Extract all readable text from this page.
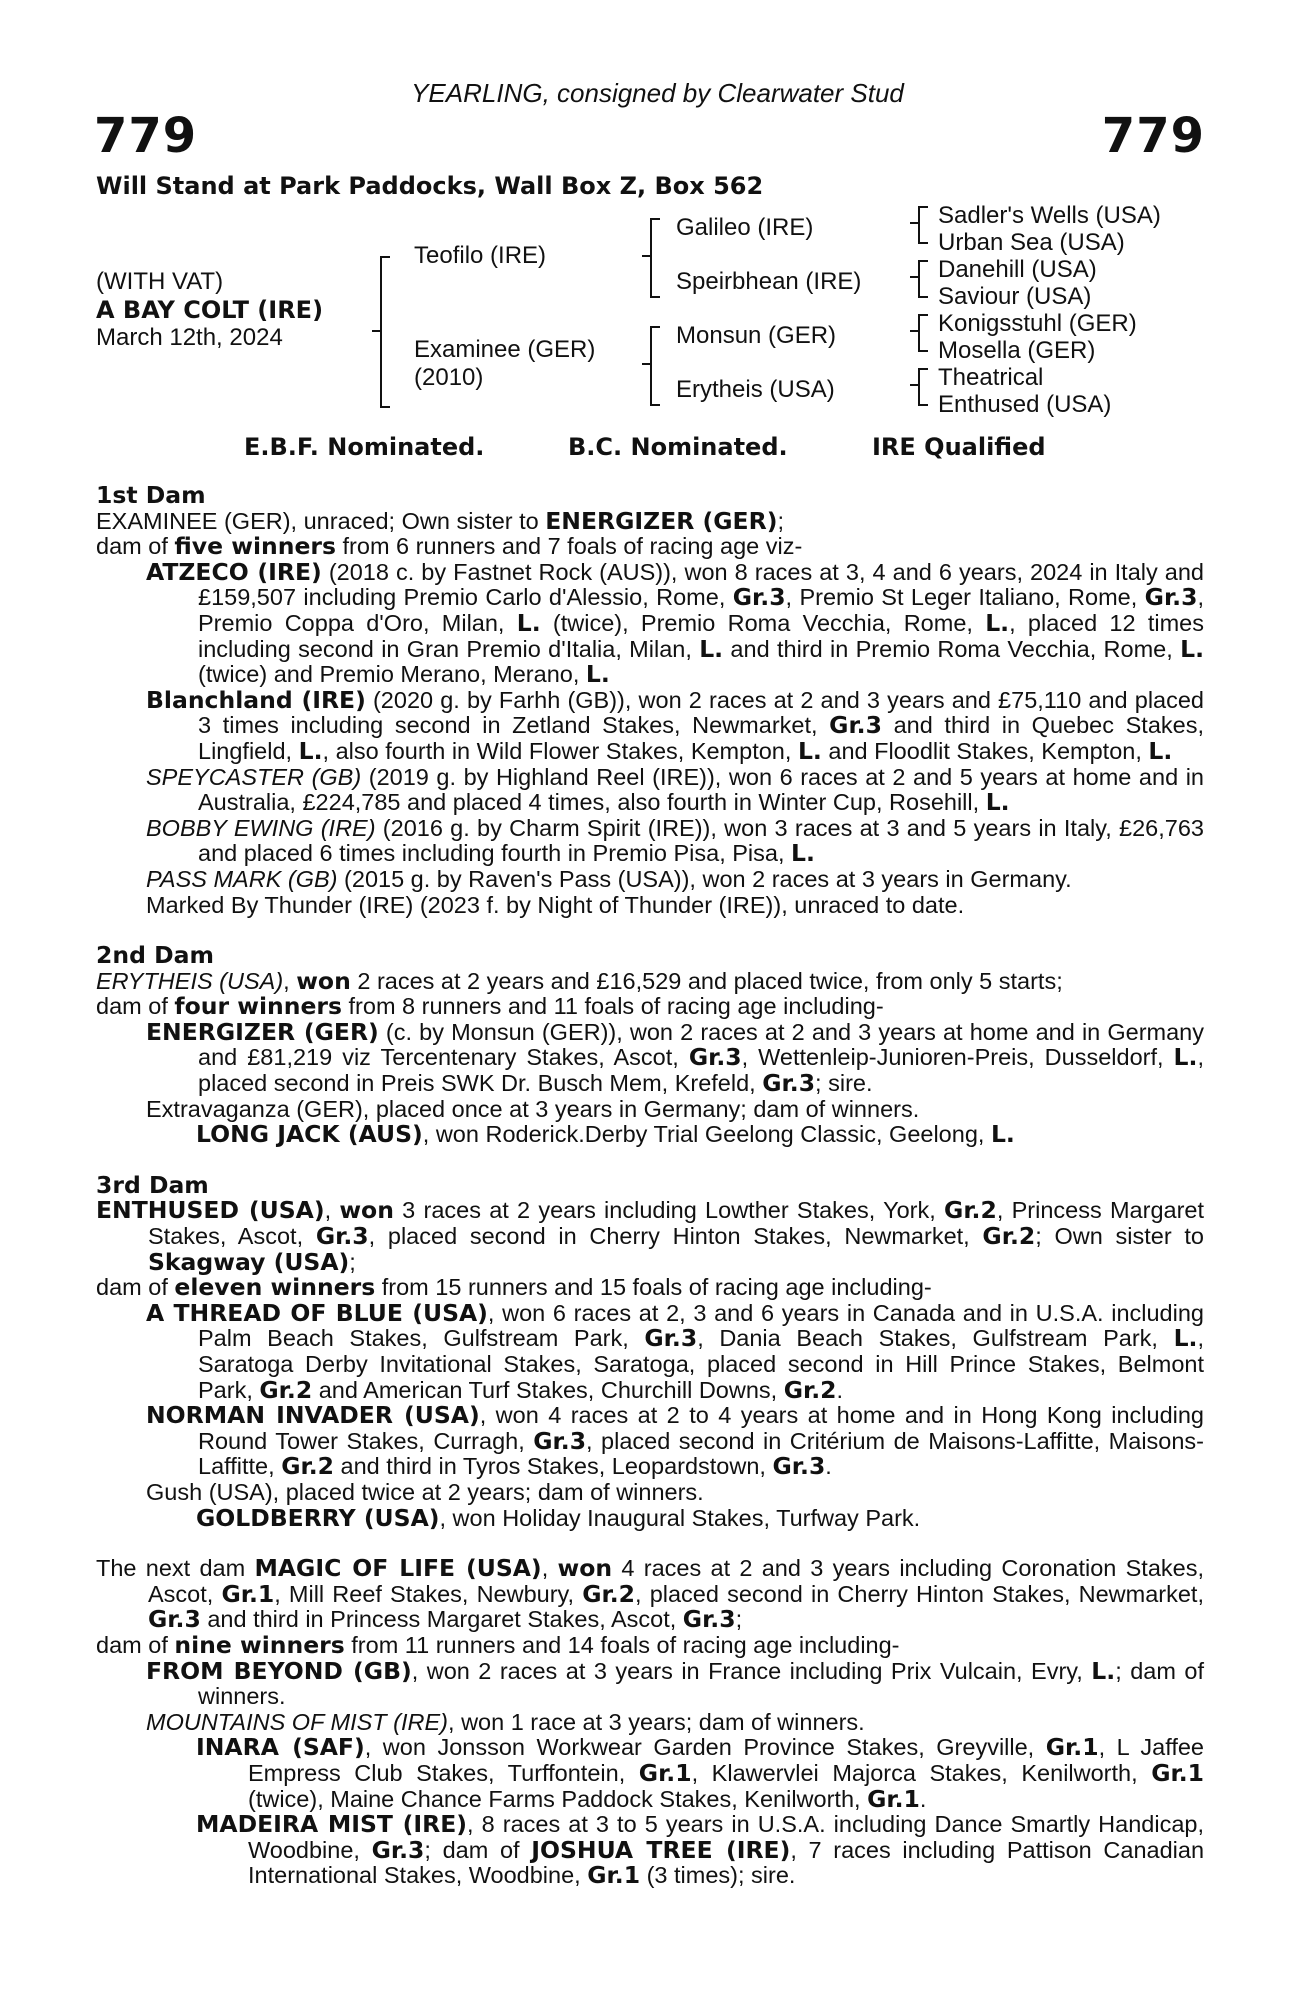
YEARLING, consigned by Clearwater Stud
779	779
Will Stand at Park Paddocks, Wall Box Z, Box 562
(WITH VAT)
A BAY COLT (IRE)
March 12th, 2024
Teofilo (IRE)
Examinee (GER)
(2010)
Galileo (IRE)
Speirbhean (IRE)
Monsun (GER)
Erytheis (USA)
Sadler's Wells (USA)
Urban Sea (USA)
Danehill (USA)
Saviour (USA)
Konigsstuhl (GER)
Mosella (GER)
Theatrical
Enthused (USA)
E.B.F. Nominated.	B.C. Nominated.	IRE Qualified
1st Dam

EXAMINEE (GER), unraced; Own sister to ENERGIZER (GER);

dam of five winners from 6 runners and 7 foals of racing age viz-

ATZECO (IRE) (2018 c. by Fastnet Rock (AUS)), won 8 races at 3, 4 and 6 years, 2024 in Italy and £159,507 including Premio Carlo d'Alessio, Rome, Gr.3, Premio St Leger Italiano, Rome, Gr.3, Premio Coppa d'Oro, Milan, L. (twice), Premio Roma Vecchia, Rome, L., placed 12 times including second in Gran Premio d'Italia, Milan, L. and third in Premio Roma Vecchia, Rome, L. (twice) and Premio Merano, Merano, L.

Blanchland (IRE) (2020 g. by Farhh (GB)), won 2 races at 2 and 3 years and £75,110 and placed 3 times including second in Zetland Stakes, Newmarket, Gr.3 and third in Quebec Stakes, Lingfield, L., also fourth in Wild Flower Stakes, Kempton, L. and Floodlit Stakes, Kempton, L.

SPEYCASTER (GB) (2019 g. by Highland Reel (IRE)), won 6 races at 2 and 5 years at home and in Australia, £224,785 and placed 4 times, also fourth in Winter Cup, Rosehill, L.

BOBBY EWING (IRE) (2016 g. by Charm Spirit (IRE)), won 3 races at 3 and 5 years in Italy, £26,763 and placed 6 times including fourth in Premio Pisa, Pisa, L.

PASS MARK (GB) (2015 g. by Raven's Pass (USA)), won 2 races at 3 years in Germany.

Marked By Thunder (IRE) (2023 f. by Night of Thunder (IRE)), unraced to date.

2nd Dam

ERYTHEIS (USA), won 2 races at 2 years and £16,529 and placed twice, from only 5 starts;

dam of four winners from 8 runners and 11 foals of racing age including-

ENERGIZER (GER) (c. by Monsun (GER)), won 2 races at 2 and 3 years at home and in Germany and £81,219 viz Tercentenary Stakes, Ascot, Gr.3, Wettenleip-Junioren-Preis, Dusseldorf, L., placed second in Preis SWK Dr. Busch Mem, Krefeld, Gr.3; sire.

Extravaganza (GER), placed once at 3 years in Germany; dam of winners.

LONG JACK (AUS), won Roderick.Derby Trial Geelong Classic, Geelong, L.

3rd Dam

ENTHUSED (USA), won 3 races at 2 years including Lowther Stakes, York, Gr.2, Princess Margaret Stakes, Ascot, Gr.3, placed second in Cherry Hinton Stakes, Newmarket, Gr.2; Own sister to Skagway (USA);

dam of eleven winners from 15 runners and 15 foals of racing age including-

A THREAD OF BLUE (USA), won 6 races at 2, 3 and 6 years in Canada and in U.S.A. including Palm Beach Stakes, Gulfstream Park, Gr.3, Dania Beach Stakes, Gulfstream Park, L., Saratoga Derby Invitational Stakes, Saratoga, placed second in Hill Prince Stakes, Belmont Park, Gr.2 and American Turf Stakes, Churchill Downs, Gr.2.

NORMAN INVADER (USA), won 4 races at 2 to 4 years at home and in Hong Kong including Round Tower Stakes, Curragh, Gr.3, placed second in Critérium de Maisons-Laffitte, Maisons-Laffitte, Gr.2 and third in Tyros Stakes, Leopardstown, Gr.3.

Gush (USA), placed twice at 2 years; dam of winners.

GOLDBERRY (USA), won Holiday Inaugural Stakes, Turfway Park.

The next dam MAGIC OF LIFE (USA), won 4 races at 2 and 3 years including Coronation Stakes, Ascot, Gr.1, Mill Reef Stakes, Newbury, Gr.2, placed second in Cherry Hinton Stakes, Newmarket, Gr.3 and third in Princess Margaret Stakes, Ascot, Gr.3;

dam of nine winners from 11 runners and 14 foals of racing age including-

FROM BEYOND (GB), won 2 races at 3 years in France including Prix Vulcain, Evry, L.; dam of winners.

MOUNTAINS OF MIST (IRE), won 1 race at 3 years; dam of winners.

INARA (SAF), won Jonsson Workwear Garden Province Stakes, Greyville, Gr.1, L Jaffee Empress Club Stakes, Turffontein, Gr.1, Klawervlei Majorca Stakes, Kenilworth, Gr.1 (twice), Maine Chance Farms Paddock Stakes, Kenilworth, Gr.1.

MADEIRA MIST (IRE), 8 races at 3 to 5 years in U.S.A. including Dance Smartly Handicap, Woodbine, Gr.3; dam of JOSHUA TREE (IRE), 7 races including Pattison Canadian International Stakes, Woodbine, Gr.1 (3 times); sire.
